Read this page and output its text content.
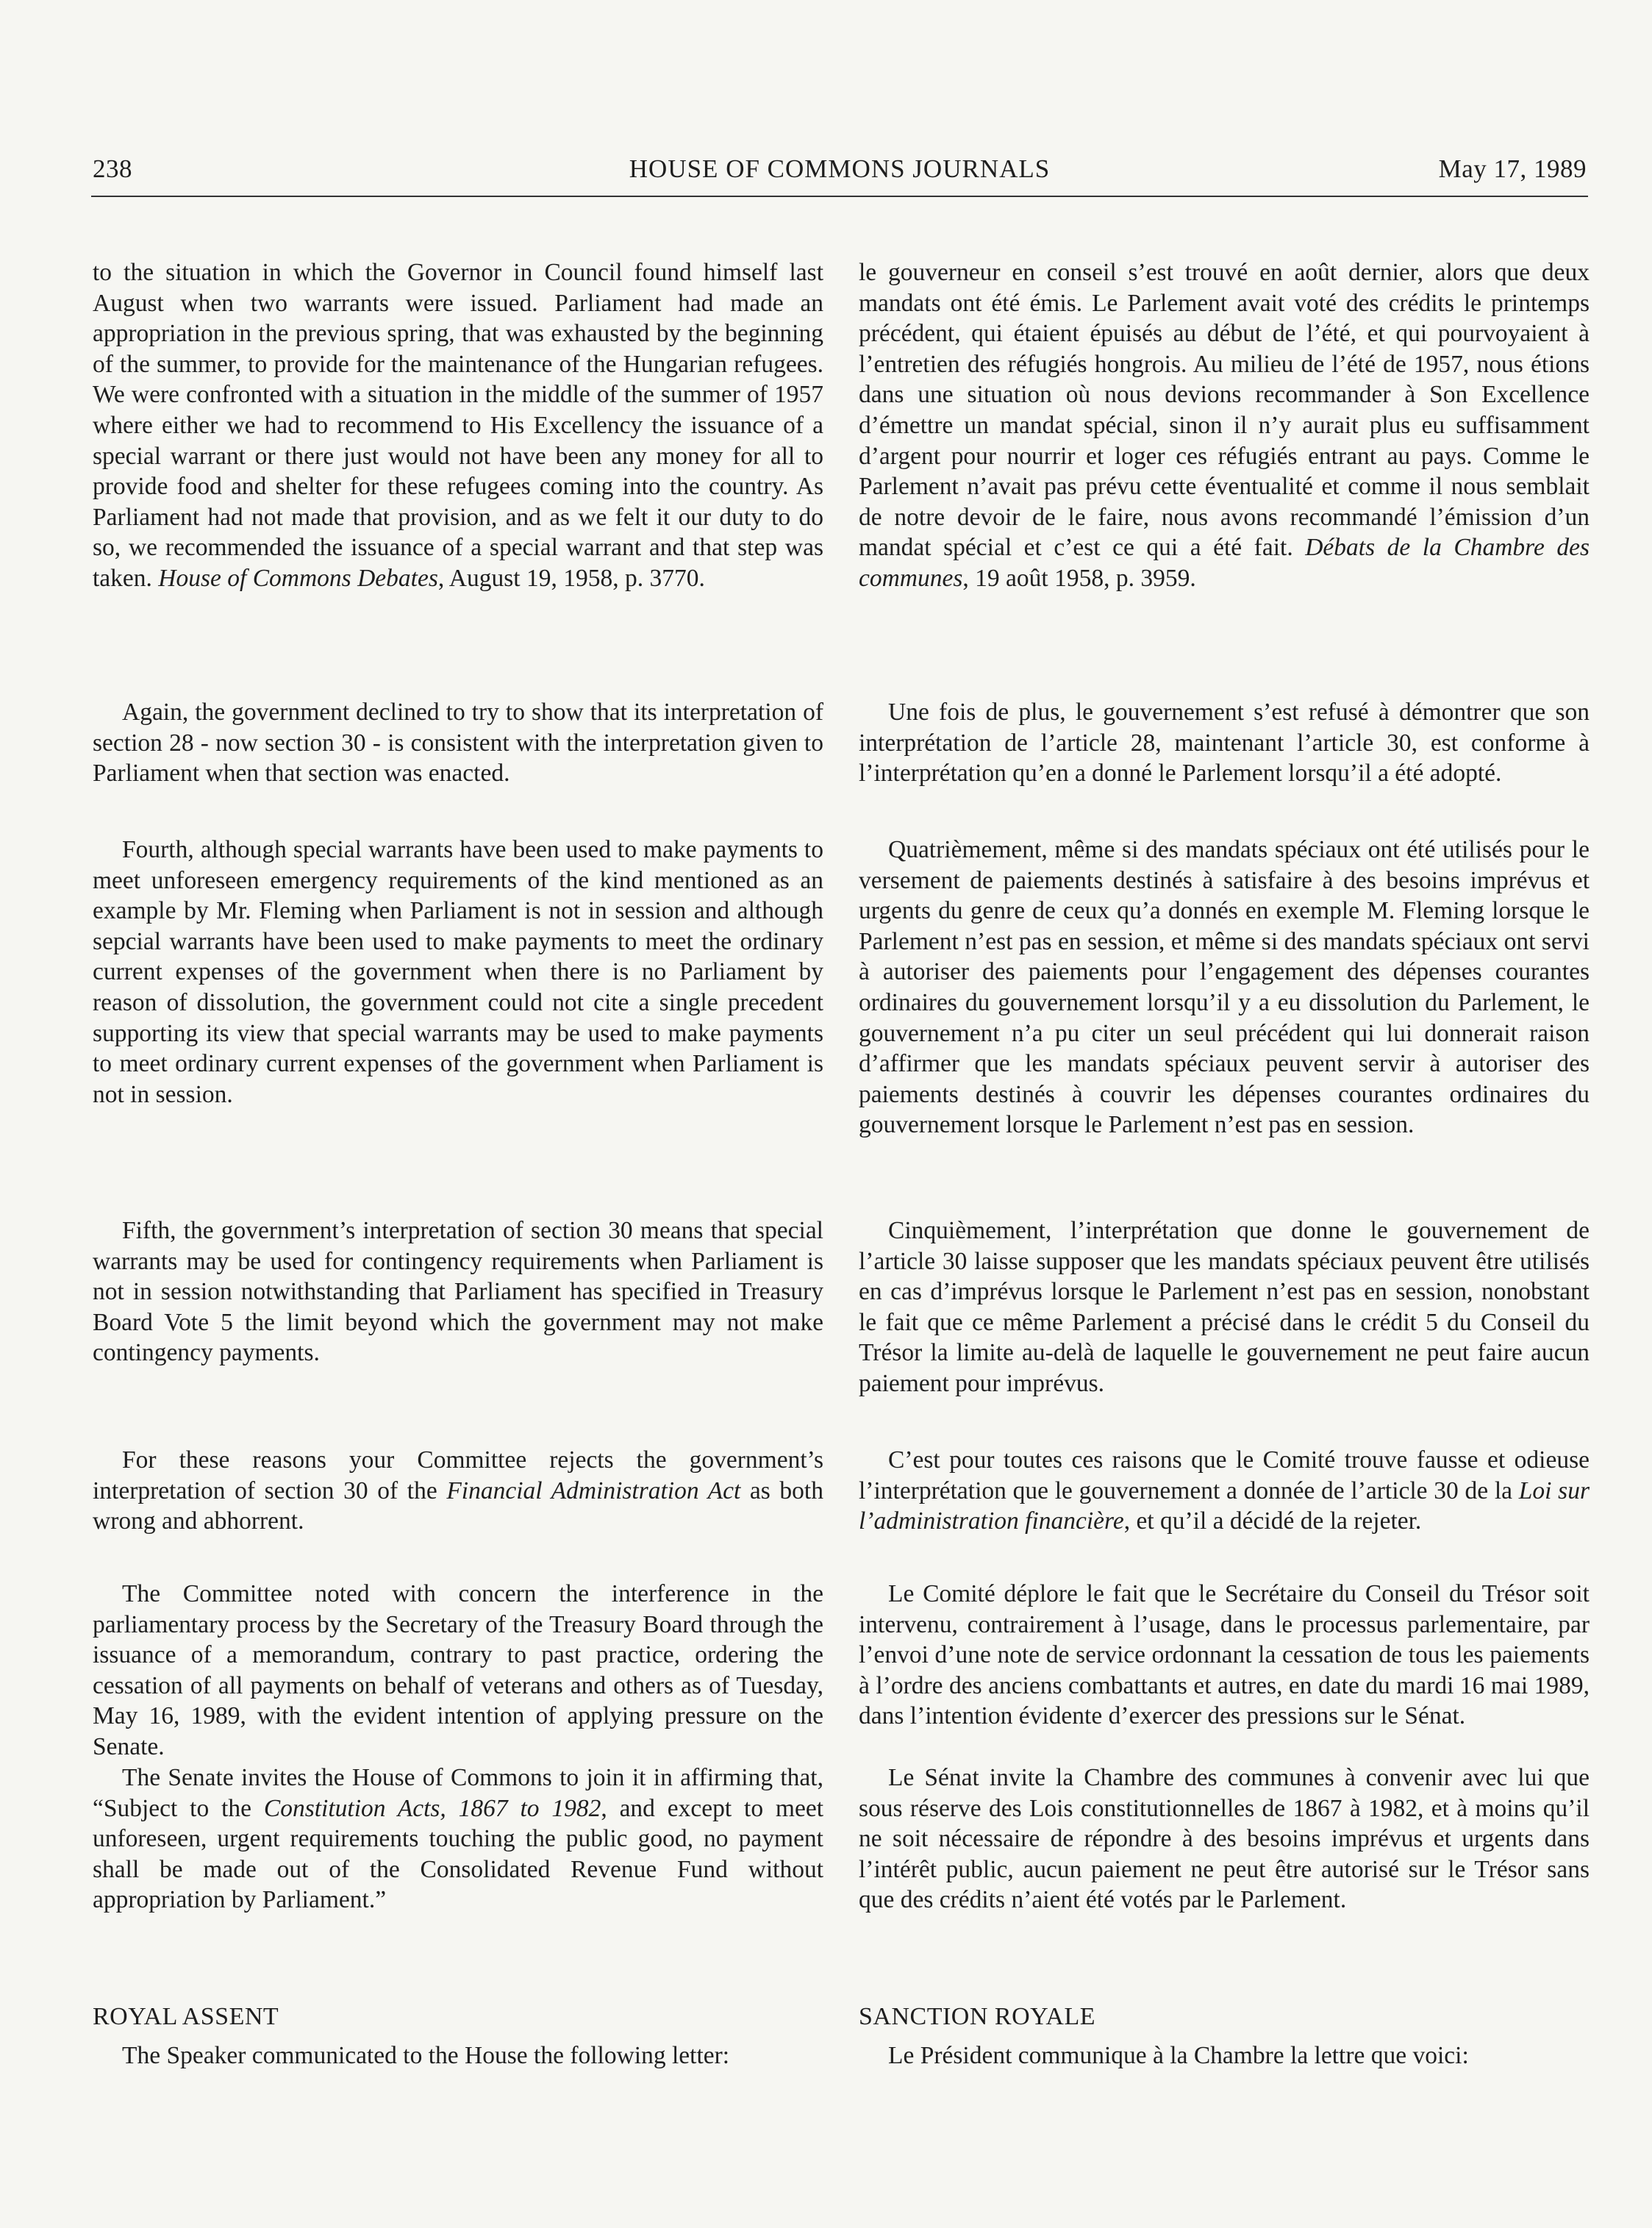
238	HOUSE OF COMMONS JOURNALS	May 17, 1989

to the situation in which the Governor in Council found himself last August when two warrants were issued. Parliament had made an appropriation in the previous spring, that was exhausted by the beginning of the summer, to provide for the maintenance of the Hungarian refugees. We were confronted with a situation in the middle of the summer of 1957 where either we had to recommend to His Excellency the issuance of a special warrant or there just would not have been any money for all to provide food and shelter for these refugees coming into the country. As Parliament had not made that provision, and as we felt it our duty to do so, we recommended the issuance of a special warrant and that step was taken. House of Commons Debates, August 19, 1958, p. 3770.

Again, the government declined to try to show that its interpretation of section 28 - now section 30 - is consistent with the interpretation given to Parliament when that section was enacted.

Fourth, although special warrants have been used to make payments to meet unforeseen emergency requirements of the kind mentioned as an example by Mr. Fleming when Parliament is not in session and although sepcial warrants have been used to make payments to meet the ordinary current expenses of the government when there is no Parliament by reason of dissolution, the government could not cite a single precedent supporting its view that special warrants may be used to make payments to meet ordinary current expenses of the government when Parliament is not in session.

Fifth, the government’s interpretation of section 30 means that special warrants may be used for contingency requirements when Parliament is not in session notwithstanding that Parliament has specified in Treasury Board Vote 5 the limit beyond which the government may not make contingency payments.

For these reasons your Committee rejects the government’s interpretation of section 30 of the Financial Administration Act as both wrong and abhorrent.

The Committee noted with concern the interference in the parliamentary process by the Secretary of the Treasury Board through the issuance of a memorandum, contrary to past practice, ordering the cessation of all payments on behalf of veterans and others as of Tuesday, May 16, 1989, with the evident intention of applying pressure on the Senate.

The Senate invites the House of Commons to join it in affirming that, “Subject to the Constitution Acts, 1867 to 1982, and except to meet unforeseen, urgent requirements touching the public good, no payment shall be made out of the Consolidated Revenue Fund without appropriation by Parliament.”

ROYAL ASSENT

The Speaker communicated to the House the following letter:

le gouverneur en conseil s’est trouvé en août dernier, alors que deux mandats ont été émis. Le Parlement avait voté des crédits le printemps précédent, qui étaient épuisés au début de l’été, et qui pourvoyaient à l’entretien des réfugiés hongrois. Au milieu de l’été de 1957, nous étions dans une situation où nous devions recommander à Son Excellence d’émettre un mandat spécial, sinon il n’y aurait plus eu suffisamment d’argent pour nourrir et loger ces réfugiés entrant au pays. Comme le Parlement n’avait pas prévu cette éventualité et comme il nous semblait de notre devoir de le faire, nous avons recommandé l’émission d’un mandat spécial et c’est ce qui a été fait. Débats de la Chambre des communes, 19 août 1958, p. 3959.

Une fois de plus, le gouvernement s’est refusé à démontrer que son interprétation de l’article 28, maintenant l’article 30, est conforme à l’interprétation qu’en a donné le Parlement lorsqu’il a été adopté.

Quatrièmement, même si des mandats spéciaux ont été utilisés pour le versement de paiements destinés à satisfaire à des besoins imprévus et urgents du genre de ceux qu’a donnés en exemple M. Fleming lorsque le Parlement n’est pas en session, et même si des mandats spéciaux ont servi à autoriser des paiements pour l’engagement des dépenses courantes ordinaires du gouvernement lorsqu’il y a eu dissolution du Parlement, le gouvernement n’a pu citer un seul précédent qui lui donnerait raison d’affirmer que les mandats spéciaux peuvent servir à autoriser des paiements destinés à couvrir les dépenses courantes ordinaires du gouvernement lorsque le Parlement n’est pas en session.

Cinquièmement, l’interprétation que donne le gouvernement de l’article 30 laisse supposer que les mandats spéciaux peuvent être utilisés en cas d’imprévus lorsque le Parlement n’est pas en session, nonobstant le fait que ce même Parlement a précisé dans le crédit 5 du Conseil du Trésor la limite au-delà de laquelle le gouvernement ne peut faire aucun paiement pour imprévus.

C’est pour toutes ces raisons que le Comité trouve fausse et odieuse l’interprétation que le gouvernement a donnée de l’article 30 de la Loi sur l’administration financière, et qu’il a décidé de la rejeter.

Le Comité déplore le fait que le Secrétaire du Conseil du Trésor soit intervenu, contrairement à l’usage, dans le processus parlementaire, par l’envoi d’une note de service ordonnant la cessation de tous les paiements à l’ordre des anciens combattants et autres, en date du mardi 16 mai 1989, dans l’intention évidente d’exercer des pressions sur le Sénat.

Le Sénat invite la Chambre des communes à convenir avec lui que sous réserve des Lois constitutionnelles de 1867 à 1982, et à moins qu’il ne soit nécessaire de répondre à des besoins imprévus et urgents dans l’intérêt public, aucun paiement ne peut être autorisé sur le Trésor sans que des crédits n’aient été votés par le Parlement.

SANCTION ROYALE

Le Président communique à la Chambre la lettre que voici:
